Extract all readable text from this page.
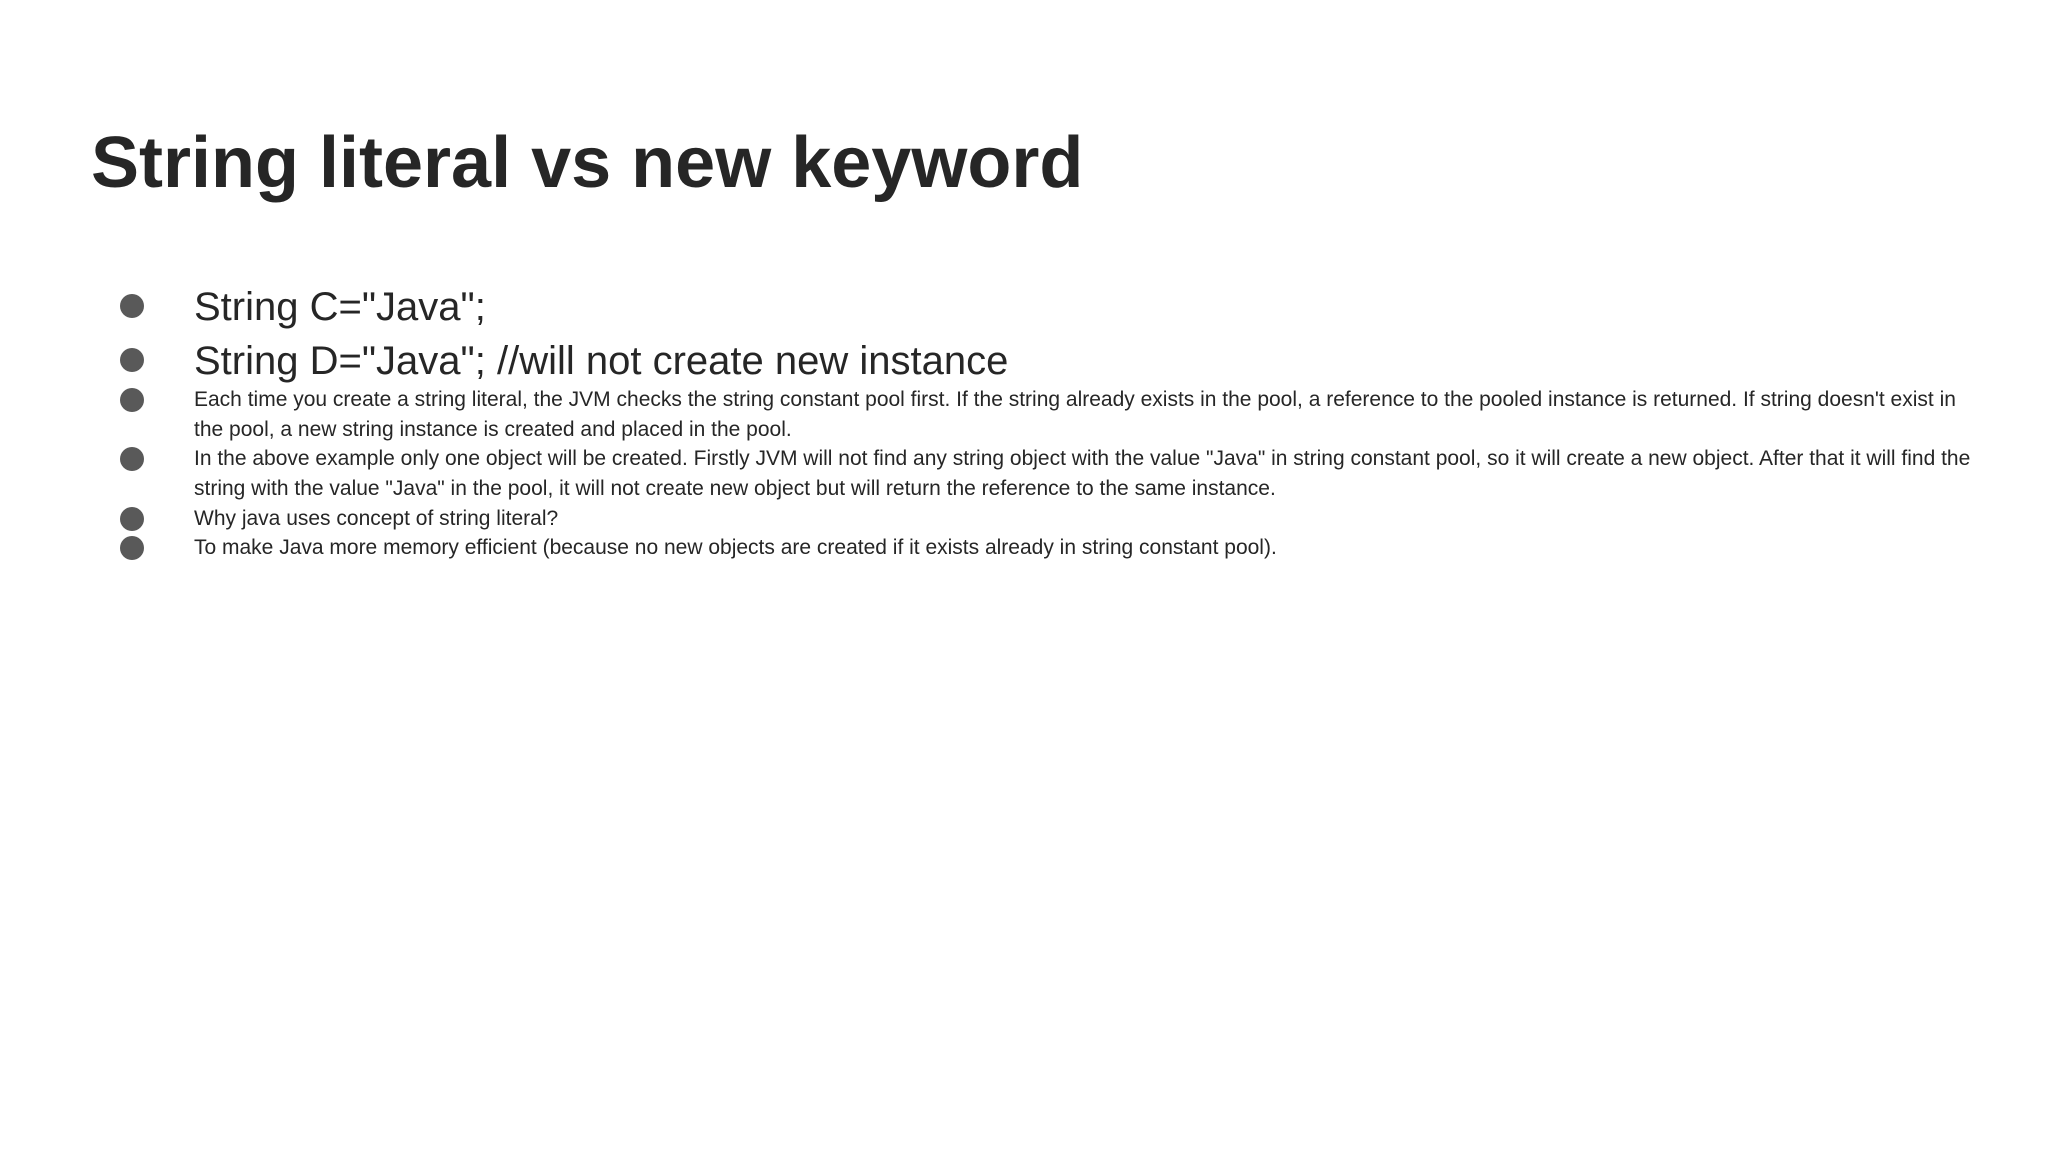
String literal vs new keyword
String C="Java";
String D="Java"; //will not create new instance
Each time you create a string literal, the JVM checks the string constant pool first. If the string already exists in the pool, a reference to the pooled instance is returned. If string doesn't exist in the pool, a new string instance is created and placed in the pool.
In the above example only one object will be created. Firstly JVM will not find any string object with the value "Java" in string constant pool, so it will create a new object. After that it will find the string with the value "Java" in the pool, it will not create new object but will return the reference to the same instance.
Why java uses concept of string literal?
To make Java more memory efficient (because no new objects are created if it exists already in string constant pool).
